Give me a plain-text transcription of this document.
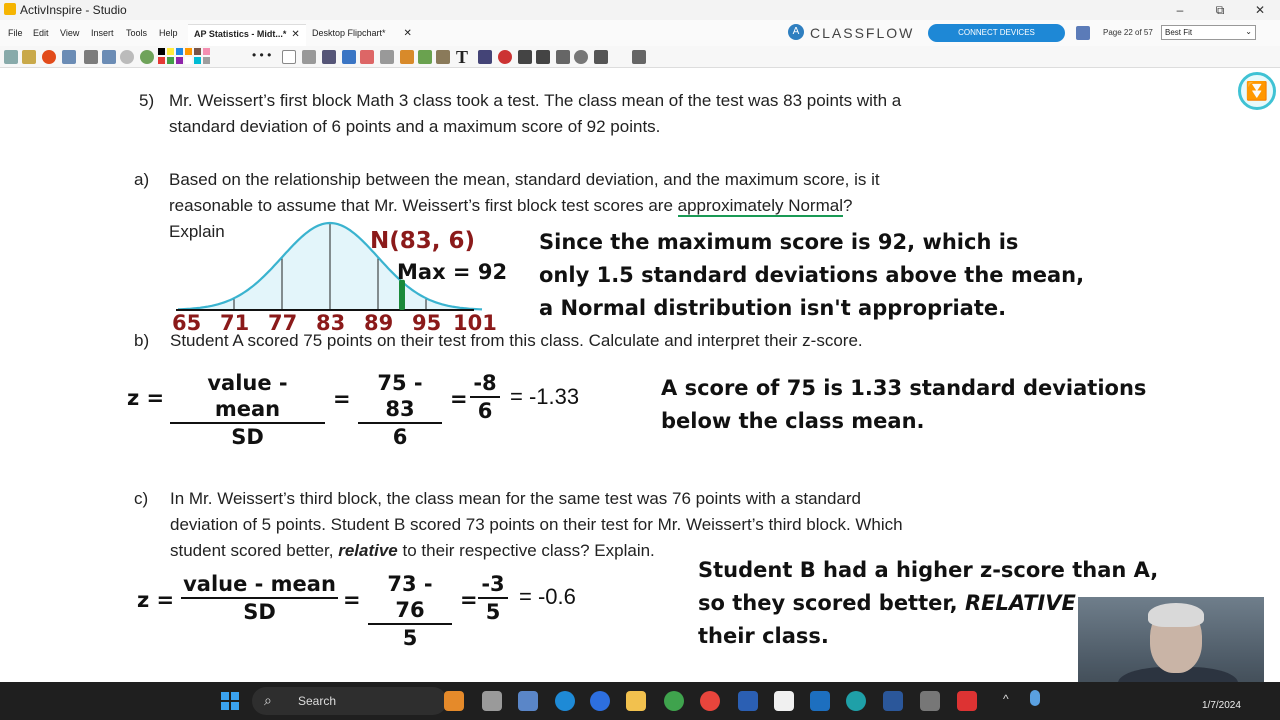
ActivInspire - Studio	–	⧉	✕
File Edit View Insert Tools Help	AP Statistics - Midt...* ✕	Desktop Flipchart* ✕	A CLASSFLOW	CONNECT DEVICES	Page 22 of 57	Best Fit	⌄
• • •	T
⏬
5) Mr. Weissert’s first block Math 3 class took a test. The class mean of the test was 83 points with a
standard deviation of 6 points and a maximum score of 92 points.
a) Based on the relationship between the mean, standard deviation, and the maximum score, is it
reasonable to assume that Mr. Weissert’s first block test scores are approximately Normal?
Explain
65 71 77 83 89 95 101
N(83, 6)
Max = 92
Since the maximum score is 92, which is
only 1.5 standard deviations above the mean,
a Normal distribution isn't appropriate.
b) Student A scored 75 points on their test from this class. Calculate and interpret their z-score.
z =
value - mean
SD
= $\frac{75 - 83}{6} = \frac{-8}{6} = -1.33$	A score of 75 is 1.33 standard deviations
below the class mean.
c) In Mr. Weissert’s third block, the class mean for the same test was 76 points with a standard
deviation of 5 points. Student B scored 73 points on their test for Mr. Weissert’s third block. Which
student scored better, relative to their respective class? Explain.
z =
value - mean
SD	= $\frac{73 - 76}{5} = \frac{-3}{5} = -0.6$
Student B had a higher z-score than A,
so they scored better, RELATIVE
their class.
⌕ Search	^	1/7/2024
